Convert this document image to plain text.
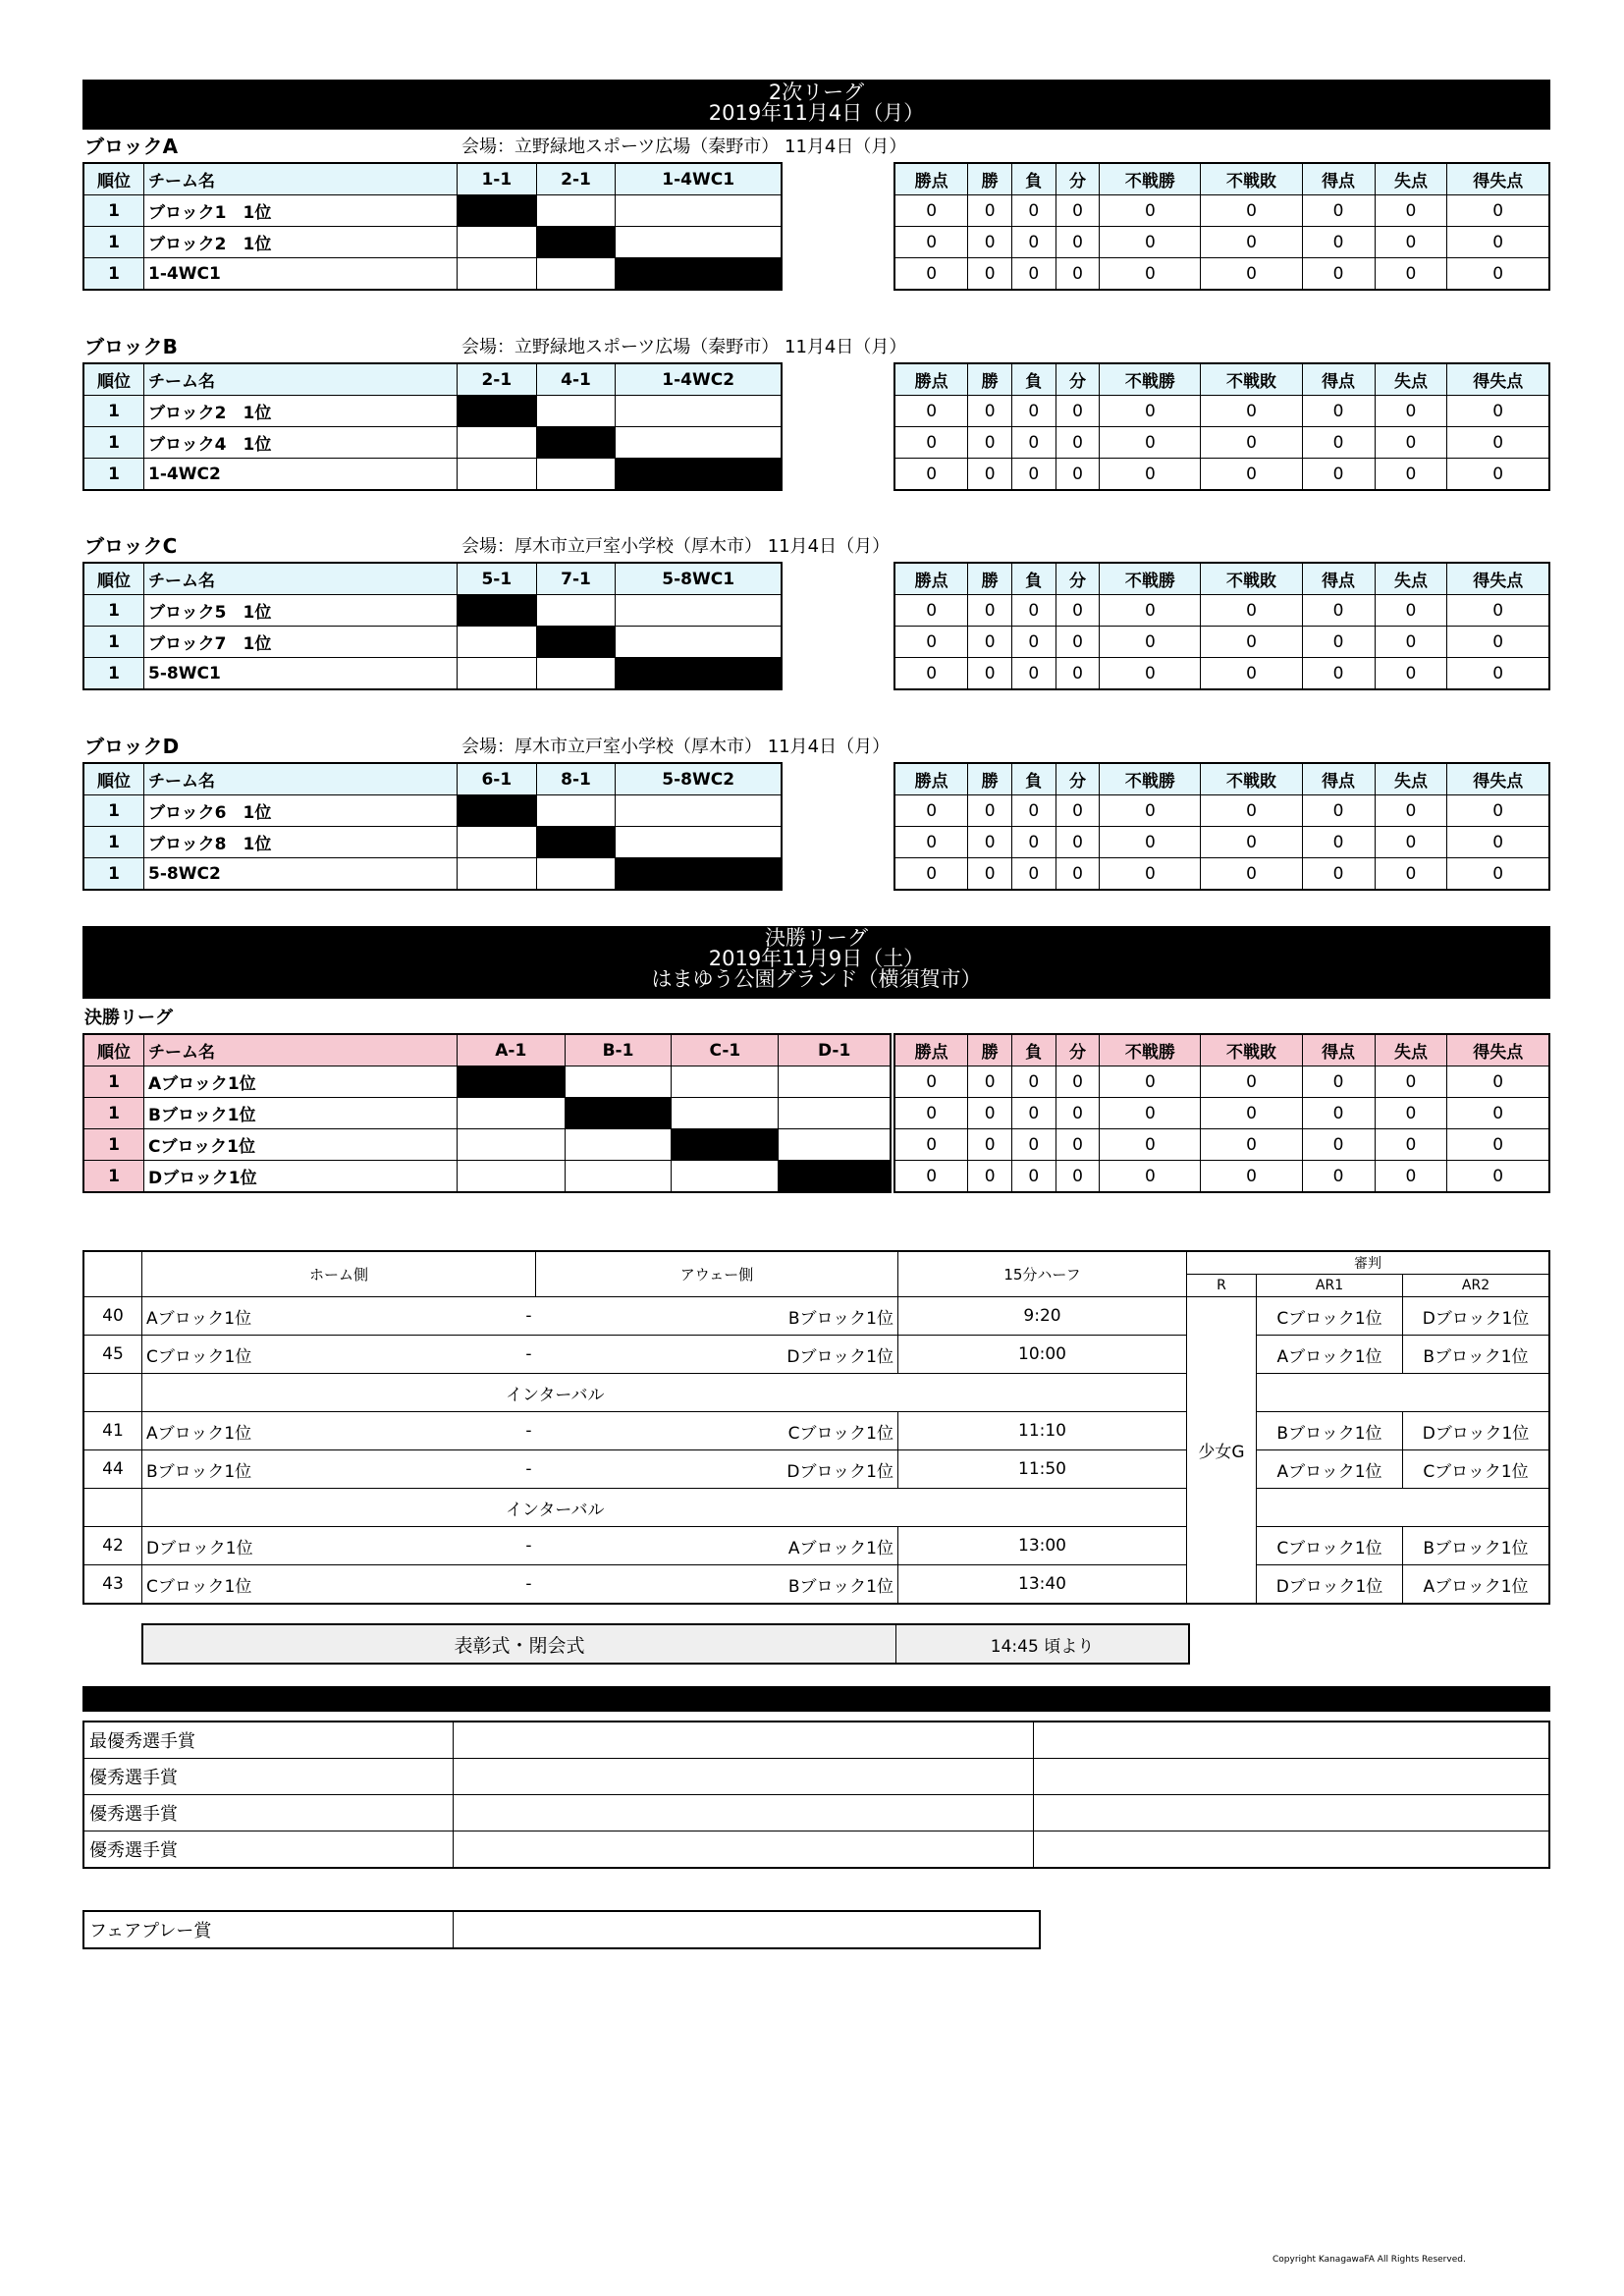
2次リーグ
2019年11月4日（月）
ブロックA	会場：立野緑地スポーツ広場（秦野市） 11月4日（月）
順位	チーム名	1-1	2-1	1-4WC1
1	ブロック1　1位			
1	ブロック2　1位			
1	1-4WC1			
勝点	勝	負	分	不戦勝	不戦敗	得点	失点	得失点
0	0	0	0	0	0	0	0	0
0	0	0	0	0	0	0	0	0
0	0	0	0	0	0	0	0	0
ブロックB	会場：立野緑地スポーツ広場（秦野市） 11月4日（月）
順位	チーム名	2-1	4-1	1-4WC2
1	ブロック2　1位			
1	ブロック4　1位			
1	1-4WC2			
勝点	勝	負	分	不戦勝	不戦敗	得点	失点	得失点
0	0	0	0	0	0	0	0	0
0	0	0	0	0	0	0	0	0
0	0	0	0	0	0	0	0	0
ブロックC	会場：厚木市立戸室小学校（厚木市） 11月4日（月）
順位	チーム名	5-1	7-1	5-8WC1
1	ブロック5　1位			
1	ブロック7　1位			
1	5-8WC1			
勝点	勝	負	分	不戦勝	不戦敗	得点	失点	得失点
0	0	0	0	0	0	0	0	0
0	0	0	0	0	0	0	0	0
0	0	0	0	0	0	0	0	0
ブロックD	会場：厚木市立戸室小学校（厚木市） 11月4日（月）
順位	チーム名	6-1	8-1	5-8WC2
1	ブロック6　1位			
1	ブロック8　1位			
1	5-8WC2			
勝点	勝	負	分	不戦勝	不戦敗	得点	失点	得失点
0	0	0	0	0	0	0	0	0
0	0	0	0	0	0	0	0	0
0	0	0	0	0	0	0	0	0
決勝リーグ
2019年11月9日（土）
はまゆう公園グランド（横須賀市）
決勝リーグ
順位	チーム名	A-1	B-1	C-1	D-1
1	Aブロック1位				
1	Bブロック1位				
1	Cブロック1位				
1	Dブロック1位				
勝点	勝	負	分	不戦勝	不戦敗	得点	失点	得失点
0	0	0	0	0	0	0	0	0
0	0	0	0	0	0	0	0	0
0	0	0	0	0	0	0	0	0
0	0	0	0	0	0	0	0	0
	ホーム側		アウェー側	15分ハーフ	審判		
					R	AR1	AR2
40	Aブロック1位	-	Bブロック1位	9:20	少女G	Cブロック1位	Dブロック1位
45	Cブロック1位	-	Dブロック1位	10:00		Aブロック1位	Bブロック1位
	インターバル						
41	Aブロック1位	-	Cブロック1位	11:10		Bブロック1位	Dブロック1位
44	Bブロック1位	-	Dブロック1位	11:50		Aブロック1位	Cブロック1位
	インターバル						
42	Dブロック1位	-	Aブロック1位	13:00		Cブロック1位	Bブロック1位
43	Cブロック1位	-	Bブロック1位	13:40		Dブロック1位	Aブロック1位
表彰式・閉会式	14:45 頃より
最優秀選手賞		
優秀選手賞		
優秀選手賞		
優秀選手賞		
フェアプレー賞	
Copyright KanagawaFA All Rights Reserved.
